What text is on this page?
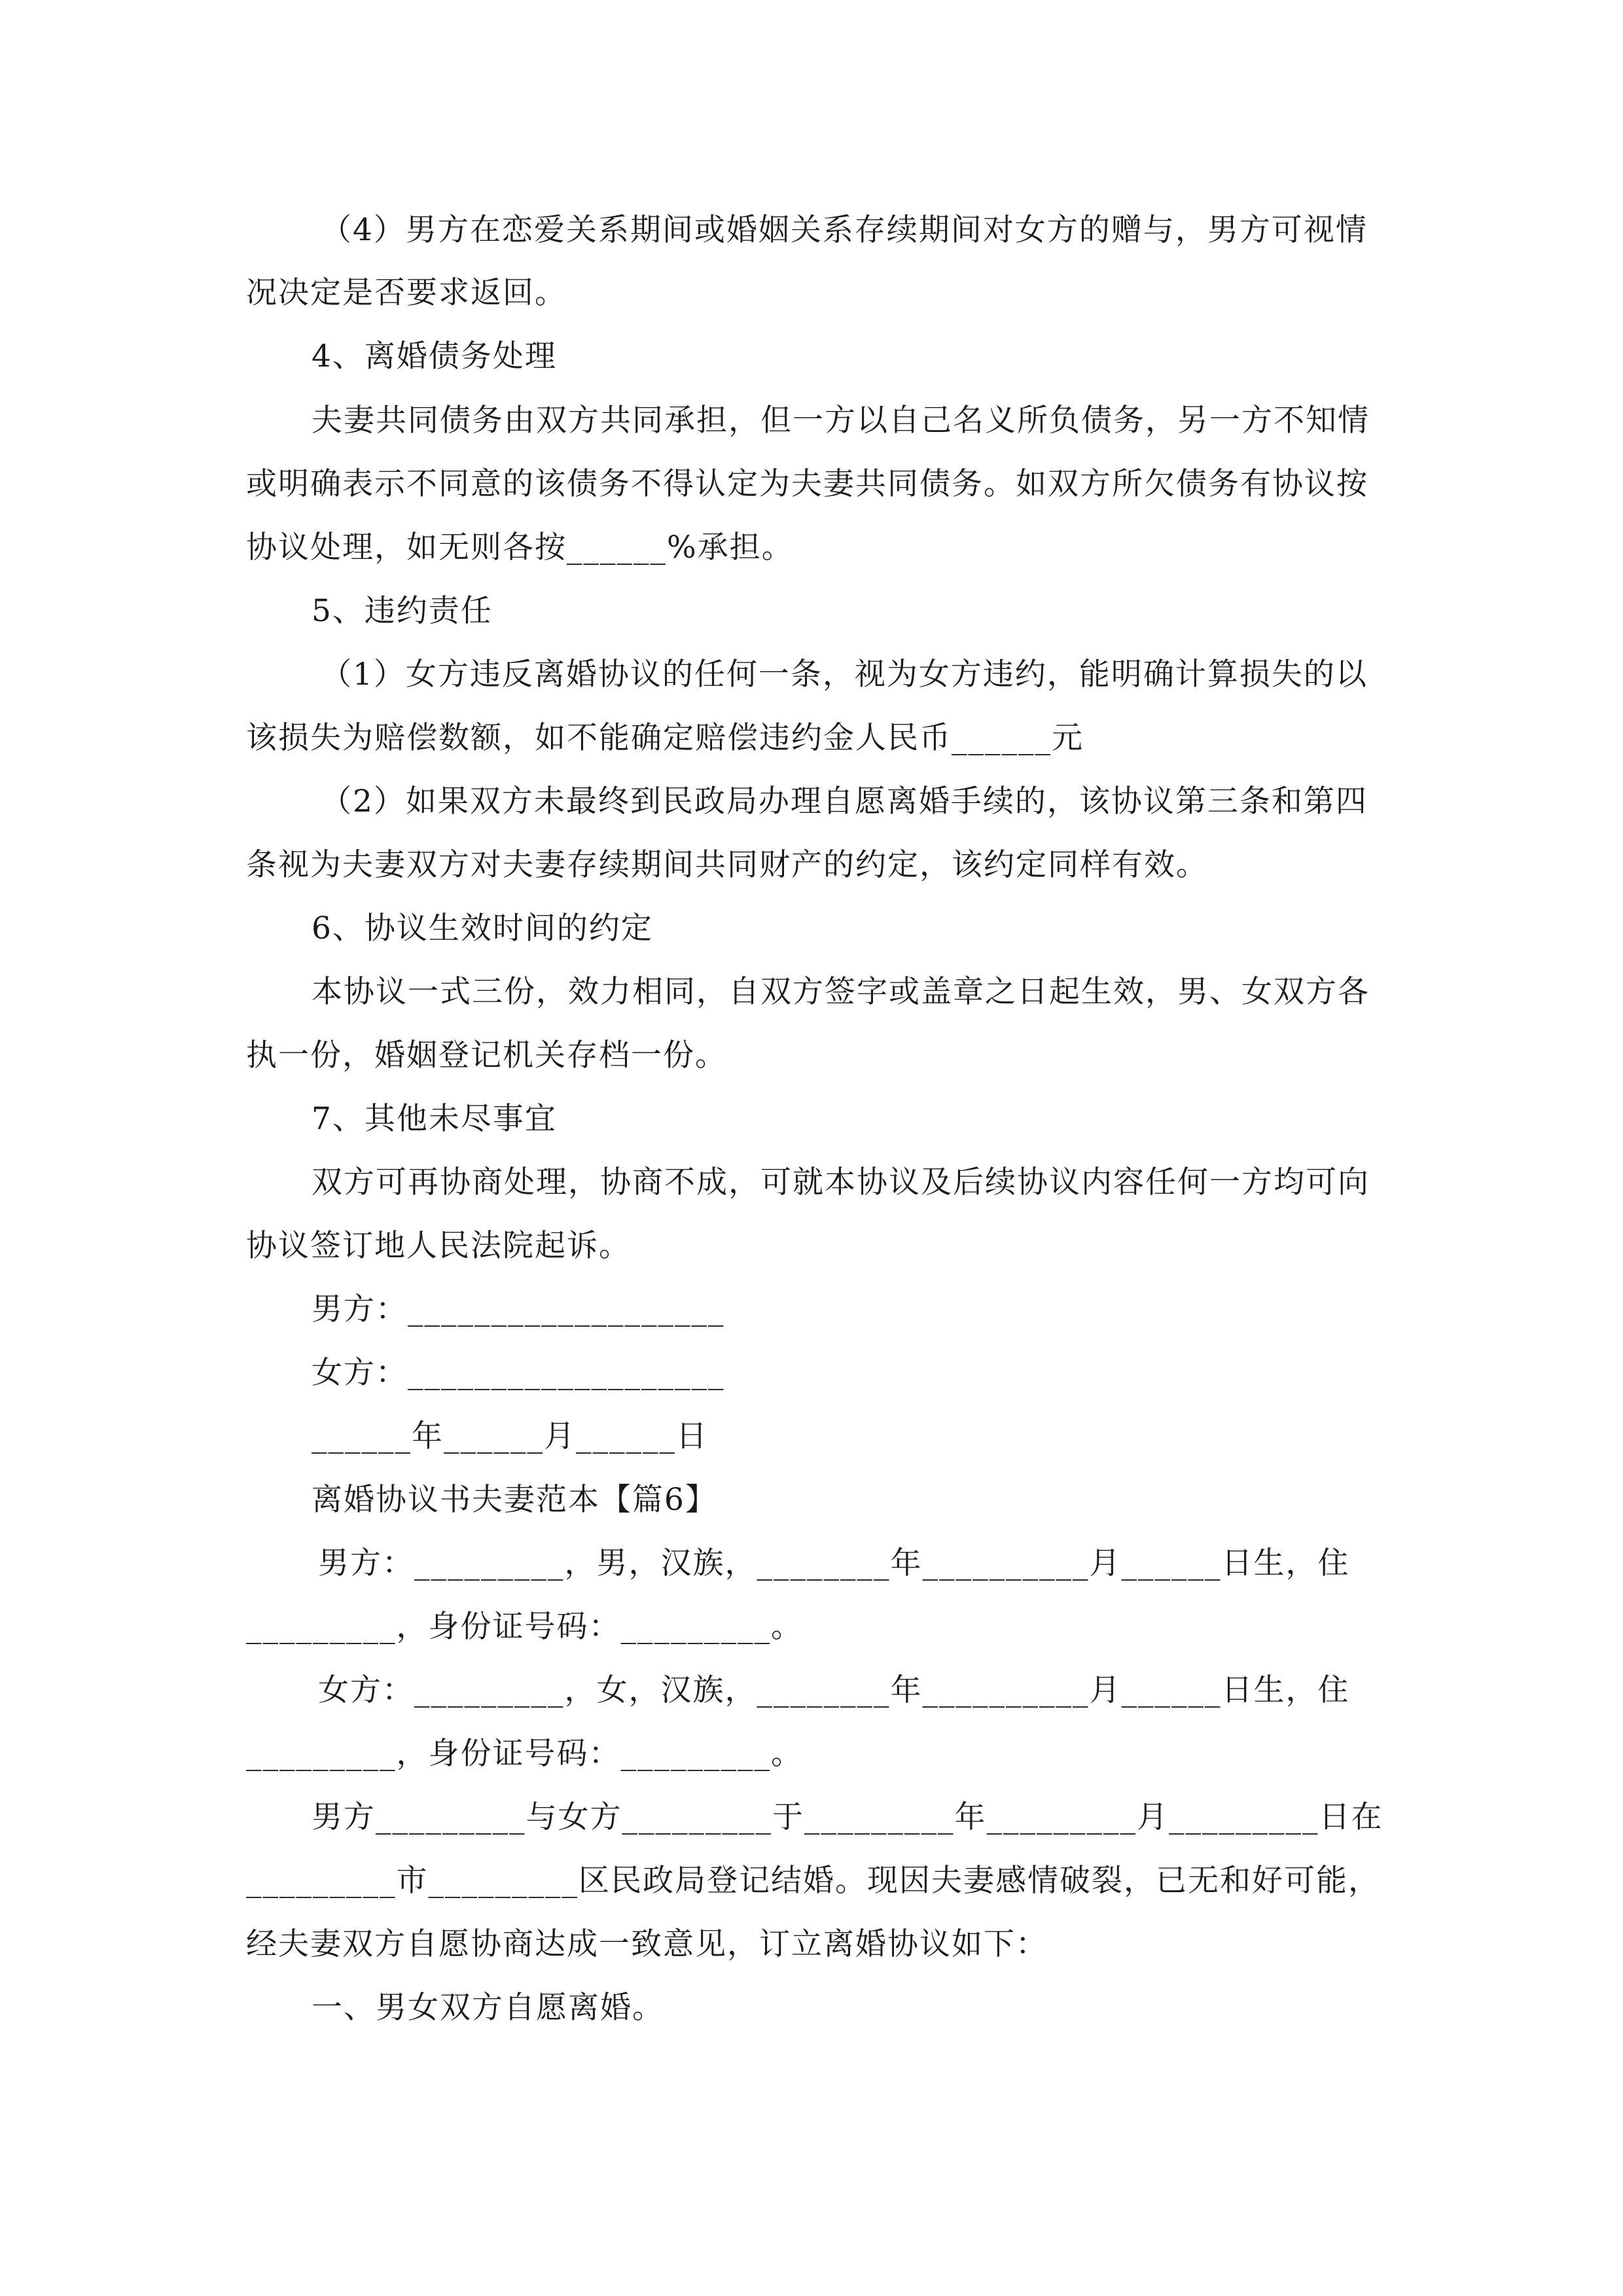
（4）男方在恋爱关系期间或婚姻关系存续期间对女方的赠与，男方可视情
况决定是否要求返回。
4、离婚债务处理
夫妻共同债务由双方共同承担，但一方以自己名义所负债务，另一方不知情
或明确表示不同意的该债务不得认定为夫妻共同债务。如双方所欠债务有协议按
协议处理，如无则各按______%承担。
5、违约责任
（1）女方违反离婚协议的任何一条，视为女方违约，能明确计算损失的以
该损失为赔偿数额，如不能确定赔偿违约金人民币______元
（2）如果双方未最终到民政局办理自愿离婚手续的，该协议第三条和第四
条视为夫妻双方对夫妻存续期间共同财产的约定，该约定同样有效。
6、协议生效时间的约定
本协议一式三份，效力相同，自双方签字或盖章之日起生效，男、女双方各
执一份，婚姻登记机关存档一份。
7、其他未尽事宜
双方可再协商处理，协商不成，可就本协议及后续协议内容任何一方均可向
协议签订地人民法院起诉。
男方：___________________
女方：___________________
______年______月______日
离婚协议书夫妻范本【篇6】
男方：_________，男，汉族，________年__________月______日生，住
_________，身份证号码：_________。
女方：_________，女，汉族，________年__________月______日生，住
_________，身份证号码：_________。
男方_________与女方_________于_________年_________月_________日在
_________市_________区民政局登记结婚。现因夫妻感情破裂，已无和好可能，
经夫妻双方自愿协商达成一致意见，订立离婚协议如下：
一、男女双方自愿离婚。
